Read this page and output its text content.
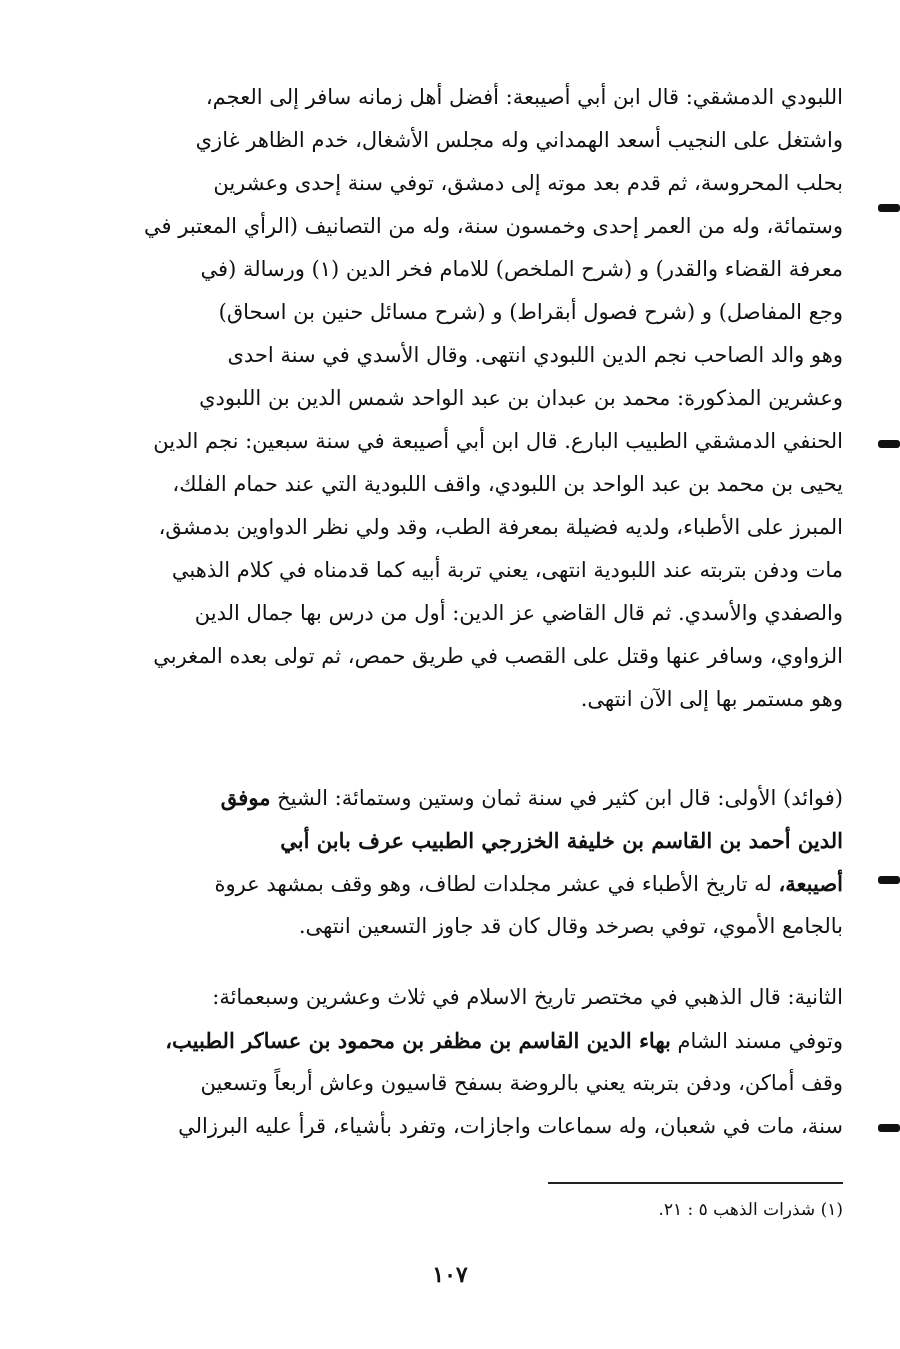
اللبودي الدمشقي: قال ابن أبي أصيبعة: أفضل أهل زمانه سافر إلى العجم،
واشتغل على النجيب أسعد الهمداني وله مجلس الأشغال، خدم الظاهر غازي
بحلب المحروسة، ثم قدم بعد موته إلى دمشق، توفي سنة إحدى وعشرين
وستمائة، وله من العمر إحدى وخمسون سنة، وله من التصانيف (الرأي المعتبر في
معرفة القضاء والقدر) و (شرح الملخص) للامام فخر الدين (١) ورسالة (في
وجع المفاصل) و (شرح فصول أبقراط) و (شرح مسائل حنين بن اسحاق)
وهو والد الصاحب نجم الدين اللبودي انتهى. وقال الأسدي في سنة احدى
وعشرين المذكورة: محمد بن عبدان بن عبد الواحد شمس الدين بن اللبودي
الحنفي الدمشقي الطبيب البارع. قال ابن أبي أصيبعة في سنة سبعين: نجم الدين
يحيى بن محمد بن عبد الواحد بن اللبودي، واقف اللبودية التي عند حمام الفلك،
المبرز على الأطباء، ولديه فضيلة بمعرفة الطب، وقد ولي نظر الدواوين بدمشق،
مات ودفن بتربته عند اللبودية انتهى، يعني تربة أبيه كما قدمناه في كلام الذهبي
والصفدي والأسدي. ثم قال القاضي عز الدين: أول من درس بها جمال الدين
الزواوي، وسافر عنها وقتل على القصب في طريق حمص، ثم تولى بعده المغربي
وهو مستمر بها إلى الآن انتهى.
(فوائد) الأولى: قال ابن كثير في سنة ثمان وستين وستمائة: الشيخ موفق
الدين أحمد بن القاسم بن خليفة الخزرجي الطبيب عرف بابن أبي
أصيبعة، له تاريخ الأطباء في عشر مجلدات لطاف، وهو وقف بمشهد عروة
بالجامع الأموي، توفي بصرخد وقال كان قد جاوز التسعين انتهى.
الثانية: قال الذهبي في مختصر تاريخ الاسلام في ثلاث وعشرين وسبعمائة:
وتوفي مسند الشام بهاء الدين القاسم بن مظفر بن محمود بن عساكر الطبيب،
وقف أماكن، ودفن بتربته يعني بالروضة بسفح قاسيون وعاش أربعاً وتسعين
سنة، مات في شعبان، وله سماعات واجازات، وتفرد بأشياء، قرأ عليه البرزالي
(١) شذرات الذهب ٥ : ٢١.
١٠٧
